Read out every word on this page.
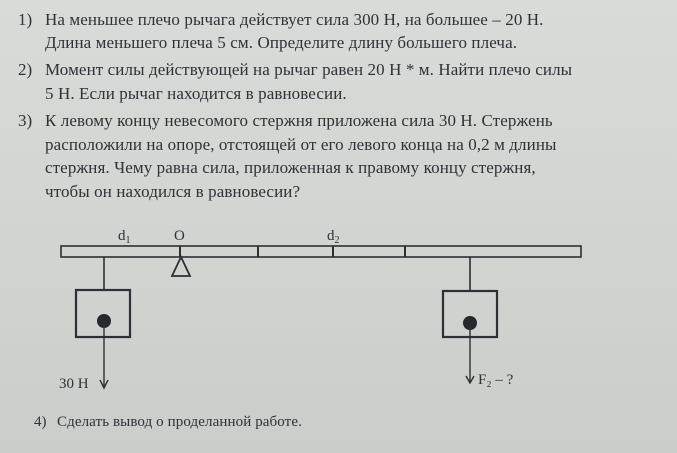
1) На меньшее плечо рычага действует сила 300 Н, на большее – 20 Н.
Длина меньшего плеча 5 см. Определите длину большего плеча.
2) Момент силы действующей на рычаг равен 20 Н * м. Найти плечо силы
5 Н. Если рычаг находится в равновесии.
3) К левому концу невесомого стержня приложена сила 30 Н. Стержень
расположили на опоре, отстоящей от его левого конца на 0,2 м длины
стержня. Чему равна сила, приложенная к правому концу стержня,
чтобы он находился в равновесии?
$d_1$	O	$d_2$
30 Н	F₂ – ?
4) Сделать вывод о проделанной работе.
